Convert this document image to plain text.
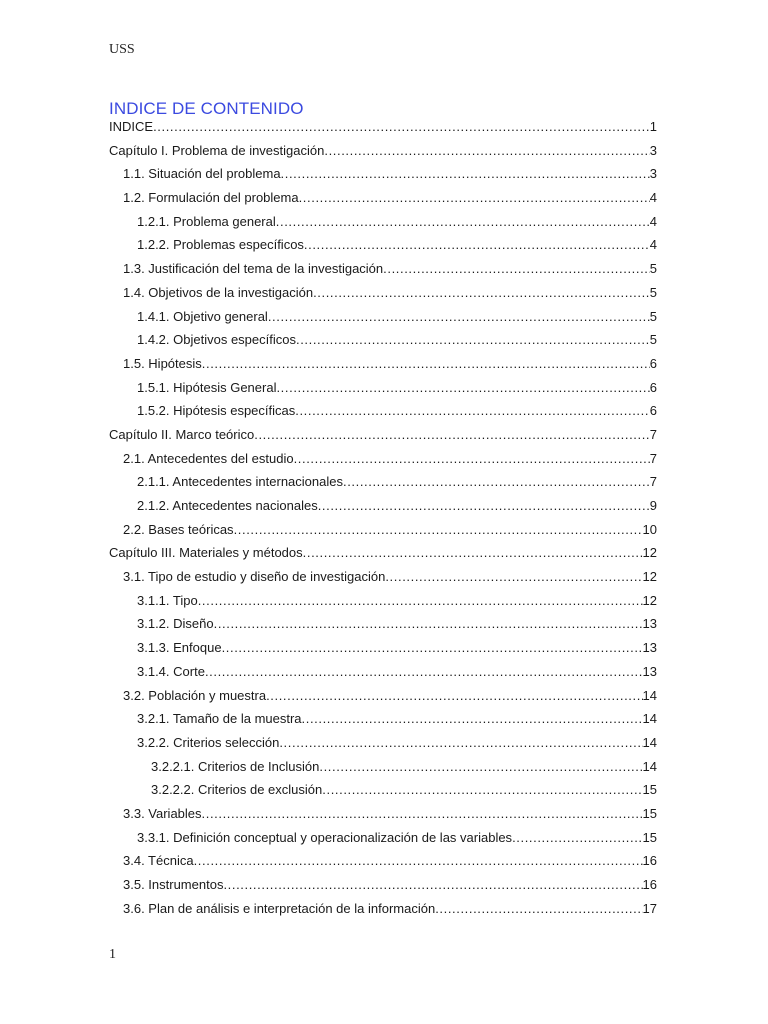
USS
INDICE DE CONTENIDO
INDICE .....	1
Capítulo I. Problema de investigación .....	3
1.1. Situación del problema .....	3
1.2. Formulación del problema .....	4
1.2.1. Problema general .....	4
1.2.2. Problemas específicos .....	4
1.3. Justificación del tema de la investigación .....	5
1.4. Objetivos de la investigación .....	5
1.4.1. Objetivo general .....	5
1.4.2. Objetivos específicos .....	5
1.5. Hipótesis .....	6
1.5.1. Hipótesis General .....	6
1.5.2. Hipótesis específicas .....	6
Capítulo II. Marco teórico .....	7
2.1. Antecedentes del estudio .....	7
2.1.1. Antecedentes internacionales .....	7
2.1.2. Antecedentes nacionales .....	9
2.2. Bases teóricas .....	10
Capítulo III. Materiales y métodos .....	12
3.1. Tipo de estudio y diseño de investigación .....	12
3.1.1. Tipo .....	12
3.1.2. Diseño .....	13
3.1.3. Enfoque .....	13
3.1.4. Corte .....	13
3.2. Población y muestra .....	14
3.2.1. Tamaño de la muestra .....	14
3.2.2. Criterios selección .....	14
3.2.2.1. Criterios de Inclusión .....	14
3.2.2.2. Criterios de exclusión .....	15
3.3. Variables .....	15
3.3.1. Definición conceptual y operacionalización de las variables .....	15
3.4. Técnica .....	16
3.5. Instrumentos .....	16
3.6. Plan de análisis e interpretación de la información .....	17
1
